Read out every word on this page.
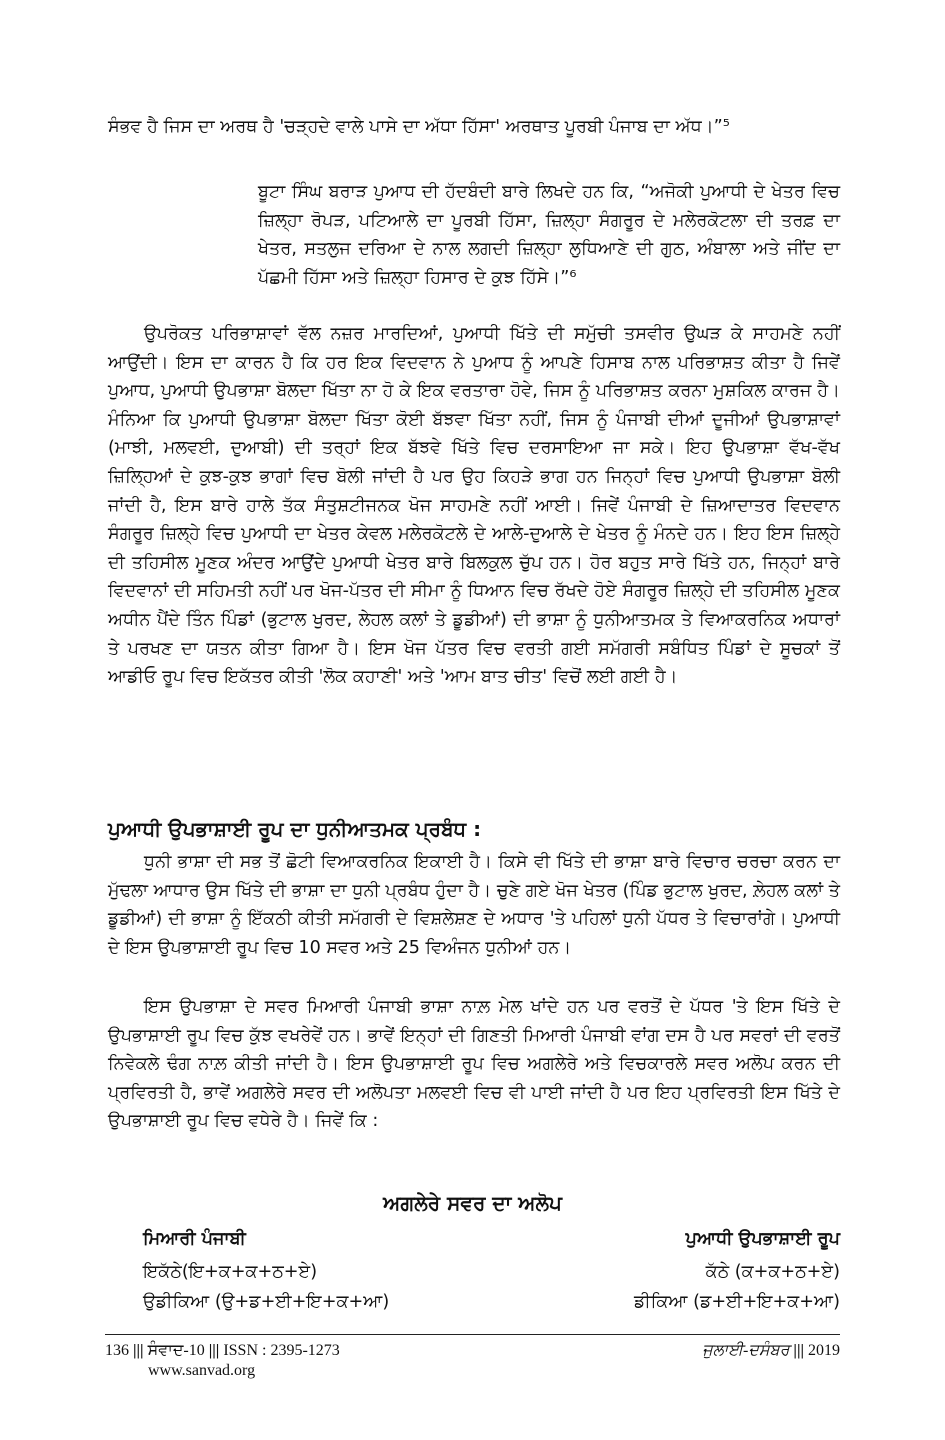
ਸੰਭਵ ਹੈ ਜਿਸ ਦਾ ਅਰਥ ਹੈ 'ਚੜ੍ਹਦੇ ਵਾਲੇ ਪਾਸੇ ਦਾ ਅੱਧਾ ਹਿੱਸਾ' ਅਰਥਾਤ ਪੂਰਬੀ ਪੰਜਾਬ ਦਾ ਅੱਧ।”⁵

ਬੂਟਾ ਸਿੰਘ ਬਰਾੜ ਪੁਆਧ ਦੀ ਹੱਦਬੰਦੀ ਬਾਰੇ ਲਿਖਦੇ ਹਨ ਕਿ, “ਅਜੋਕੀ ਪੁਆਧੀ ਦੇ ਖੇਤਰ ਵਿਚ ਜ਼ਿਲ੍ਹਾ ਰੋਪੜ, ਪਟਿਆਲੇ ਦਾ ਪੂਰਬੀ ਹਿੱਸਾ, ਜ਼ਿਲ੍ਹਾ ਸੰਗਰੂਰ ਦੇ ਮਲੇਰਕੋਟਲਾ ਦੀ ਤਰਫ਼ ਦਾ ਖੇਤਰ, ਸਤਲੁਜ ਦਰਿਆ ਦੇ ਨਾਲ ਲਗਦੀ ਜ਼ਿਲ੍ਹਾ ਲੁਧਿਆਣੇ ਦੀ ਗੁਠ, ਅੰਬਾਲਾ ਅਤੇ ਜੀਂਦ ਦਾ ਪੱਛਮੀ ਹਿੱਸਾ ਅਤੇ ਜ਼ਿਲ੍ਹਾ ਹਿਸਾਰ ਦੇ ਕੁਝ ਹਿੱਸੇ।”⁶

ਉਪਰੋਕਤ ਪਰਿਭਾਸ਼ਾਵਾਂ ਵੱਲ ਨਜ਼ਰ ਮਾਰਦਿਆਂ, ਪੁਆਧੀ ਖਿੱਤੇ ਦੀ ਸਮੁੱਚੀ ਤਸਵੀਰ ਉਘੜ ਕੇ ਸਾਹਮਣੇ ਨਹੀਂ ਆਉਂਦੀ। ਇਸ ਦਾ ਕਾਰਨ ਹੈ ਕਿ ਹਰ ਇਕ ਵਿਦਵਾਨ ਨੇ ਪੁਆਧ ਨੂੰ ਆਪਣੇ ਹਿਸਾਬ ਨਾਲ ਪਰਿਭਾਸ਼ਤ ਕੀਤਾ ਹੈ ਜਿਵੇਂ ਪੁਆਧ, ਪੁਆਧੀ ਉਪਭਾਸ਼ਾ ਬੋਲਦਾ ਖਿੱਤਾ ਨਾ ਹੋ ਕੇ ਇਕ ਵਰਤਾਰਾ ਹੋਵੇ, ਜਿਸ ਨੂੰ ਪਰਿਭਾਸ਼ਤ ਕਰਨਾ ਮੁਸ਼ਕਿਲ ਕਾਰਜ ਹੈ। ਮੰਨਿਆ ਕਿ ਪੁਆਧੀ ਉਪਭਾਸ਼ਾ ਬੋਲਦਾ ਖਿੱਤਾ ਕੋਈ ਬੱਝਵਾ ਖਿੱਤਾ ਨਹੀਂ, ਜਿਸ ਨੂੰ ਪੰਜਾਬੀ ਦੀਆਂ ਦੂਜੀਆਂ ਉਪਭਾਸ਼ਾਵਾਂ (ਮਾਝੀ, ਮਲਵਈ, ਦੁਆਬੀ) ਦੀ ਤਰ੍ਹਾਂ ਇਕ ਬੱਝਵੇ ਖਿੱਤੇ ਵਿਚ ਦਰਸਾਇਆ ਜਾ ਸਕੇ। ਇਹ ਉਪਭਾਸ਼ਾ ਵੱਖ-ਵੱਖ ਜ਼ਿਲ੍ਹਿਆਂ ਦੇ ਕੁਝ-ਕੁਝ ਭਾਗਾਂ ਵਿਚ ਬੋਲੀ ਜਾਂਦੀ ਹੈ ਪਰ ਉਹ ਕਿਹੜੇ ਭਾਗ ਹਨ ਜਿਨ੍ਹਾਂ ਵਿਚ ਪੁਆਧੀ ਉਪਭਾਸ਼ਾ ਬੋਲੀ ਜਾਂਦੀ ਹੈ, ਇਸ ਬਾਰੇ ਹਾਲੇ ਤੱਕ ਸੰਤੁਸ਼ਟੀਜਨਕ ਖੋਜ ਸਾਹਮਣੇ ਨਹੀਂ ਆਈ। ਜਿਵੇਂ ਪੰਜਾਬੀ ਦੇ ਜ਼ਿਆਦਾਤਰ ਵਿਦਵਾਨ ਸੰਗਰੂਰ ਜ਼ਿਲ੍ਹੇ ਵਿਚ ਪੁਆਧੀ ਦਾ ਖੇਤਰ ਕੇਵਲ ਮਲੇਰਕੋਟਲੇ ਦੇ ਆਲੇ-ਦੁਆਲੇ ਦੇ ਖੇਤਰ ਨੂੰ ਮੰਨਦੇ ਹਨ। ਇਹ ਇਸ ਜ਼ਿਲ੍ਹੇ ਦੀ ਤਹਿਸੀਲ ਮੂਣਕ ਅੰਦਰ ਆਉਂਦੇ ਪੁਆਧੀ ਖੇਤਰ ਬਾਰੇ ਬਿਲਕੁਲ ਚੁੱਪ ਹਨ। ਹੋਰ ਬਹੁਤ ਸਾਰੇ ਖਿੱਤੇ ਹਨ, ਜਿਨ੍ਹਾਂ ਬਾਰੇ ਵਿਦਵਾਨਾਂ ਦੀ ਸਹਿਮਤੀ ਨਹੀਂ ਪਰ ਖੋਜ-ਪੱਤਰ ਦੀ ਸੀਮਾ ਨੂੰ ਧਿਆਨ ਵਿਚ ਰੱਖਦੇ ਹੋਏ ਸੰਗਰੂਰ ਜ਼ਿਲ੍ਹੇ ਦੀ ਤਹਿਸੀਲ ਮੂਣਕ ਅਧੀਨ ਪੈਂਦੇ ਤਿੰਨ ਪਿੰਡਾਂ (ਭੁਟਾਲ ਖੁਰਦ, ਲੇਹਲ ਕਲਾਂ ਤੇ ਡੂਡੀਆਂ) ਦੀ ਭਾਸ਼ਾ ਨੂੰ ਧੁਨੀਆਤਮਕ ਤੇ ਵਿਆਕਰਨਿਕ ਅਧਾਰਾਂ ਤੇ ਪਰਖਣ ਦਾ ਯਤਨ ਕੀਤਾ ਗਿਆ ਹੈ। ਇਸ ਖੋਜ ਪੱਤਰ ਵਿਚ ਵਰਤੀ ਗਈ ਸਮੱਗਰੀ ਸਬੰਧਿਤ ਪਿੰਡਾਂ ਦੇ ਸੂਚਕਾਂ ਤੋਂ ਆਡੀਓ ਰੂਪ ਵਿਚ ਇਕੱਤਰ ਕੀਤੀ 'ਲੋਕ ਕਹਾਣੀ' ਅਤੇ 'ਆਮ ਬਾਤ ਚੀਤ' ਵਿਚੋਂ ਲਈ ਗਈ ਹੈ।

ਪੁਆਧੀ ਉਪਭਾਸ਼ਾਈ ਰੂਪ ਦਾ ਧੁਨੀਆਤਮਕ ਪ੍ਰਬੰਧ :

ਧੁਨੀ ਭਾਸ਼ਾ ਦੀ ਸਭ ਤੋਂ ਛੋਟੀ ਵਿਆਕਰਨਿਕ ਇਕਾਈ ਹੈ। ਕਿਸੇ ਵੀ ਖਿੱਤੇ ਦੀ ਭਾਸ਼ਾ ਬਾਰੇ ਵਿਚਾਰ ਚਰਚਾ ਕਰਨ ਦਾ ਮੁੱਢਲਾ ਆਧਾਰ ਉਸ ਖਿੱਤੇ ਦੀ ਭਾਸ਼ਾ ਦਾ ਧੁਨੀ ਪ੍ਰਬੰਧ ਹੁੰਦਾ ਹੈ। ਚੁਣੇ ਗਏ ਖੋਜ ਖੇਤਰ (ਪਿੰਡ ਭੁਟਾਲ ਖੁਰਦ, ਲ਼ੇਹਲ ਕਲਾਂ ਤੇ ਡੂਡੀਆਂ) ਦੀ ਭਾਸ਼ਾ ਨੂੰ ਇੱਕਠੀ ਕੀਤੀ ਸਮੱਗਰੀ ਦੇ ਵਿਸ਼ਲੇਸ਼ਣ ਦੇ ਅਧਾਰ 'ਤੇ ਪਹਿਲਾਂ ਧੁਨੀ ਪੱਧਰ ਤੇ ਵਿਚਾਰਾਂਗੇ। ਪੁਆਧੀ ਦੇ ਇਸ ਉਪਭਾਸ਼ਾਈ ਰੂਪ ਵਿਚ 10 ਸਵਰ ਅਤੇ 25 ਵਿਅੰਜਨ ਧੁਨੀਆਂ ਹਨ।

ਇਸ ਉਪਭਾਸ਼ਾ ਦੇ ਸਵਰ ਮਿਆਰੀ ਪੰਜਾਬੀ ਭਾਸ਼ਾ ਨਾਲ਼ ਮੇਲ ਖਾਂਦੇ ਹਨ ਪਰ ਵਰਤੋਂ ਦੇ ਪੱਧਰ 'ਤੇ ਇਸ ਖਿੱਤੇ ਦੇ ਉਪਭਾਸ਼ਾਈ ਰੂਪ ਵਿਚ ਕੁੱਝ ਵਖਰੇਵੇਂ ਹਨ। ਭਾਵੇਂ ਇਨ੍ਹਾਂ ਦੀ ਗਿਣਤੀ ਮਿਆਰੀ ਪੰਜਾਬੀ ਵਾਂਗ ਦਸ ਹੈ ਪਰ ਸਵਰਾਂ ਦੀ ਵਰਤੋਂ ਨਿਵੇਕਲੇ ਢੰਗ ਨਾਲ਼ ਕੀਤੀ ਜਾਂਦੀ ਹੈ। ਇਸ ਉਪਭਾਸ਼ਾਈ ਰੂਪ ਵਿਚ ਅਗਲੇਰੇ ਅਤੇ ਵਿਚਕਾਰਲੇ ਸਵਰ ਅਲੋਪ ਕਰਨ ਦੀ ਪ੍ਰਵਿਰਤੀ ਹੈ, ਭਾਵੇਂ ਅਗਲੇਰੇ ਸਵਰ ਦੀ ਅਲੋਪਤਾ ਮਲਵਈ ਵਿਚ ਵੀ ਪਾਈ ਜਾਂਦੀ ਹੈ ਪਰ ਇਹ ਪ੍ਰਵਿਰਤੀ ਇਸ ਖਿੱਤੇ ਦੇ ਉਪਭਾਸ਼ਾਈ ਰੂਪ ਵਿਚ ਵਧੇਰੇ ਹੈ। ਜਿਵੇਂ ਕਿ :

ਅਗਲੇਰੇ ਸਵਰ ਦਾ ਅਲੋਪ
ਮਿਆਰੀ ਪੰਜਾਬੀ	ਪੁਆਧੀ ਉਪਭਾਸ਼ਾਈ ਰੂਪ
ਇਕੱਠੇ(ਇ+ਕ+ਕ+ਠ+ਏ)	ਕੱਠੇ (ਕ+ਕ+ਠ+ਏ)
ਉਡੀਕਿਆ (ਉ+ਡ+ਈ+ਇ+ਕ+ਆ)	ਡੀਕਿਆ (ਡ+ਈ+ਇ+ਕ+ਆ)
136 ||| ਸੰਵਾਦ-10 ||| ISSN : 2395-1273	ਜੁਲਾਈ-ਦਸੰਬਰ ||| 2019
www.sanvad.org
